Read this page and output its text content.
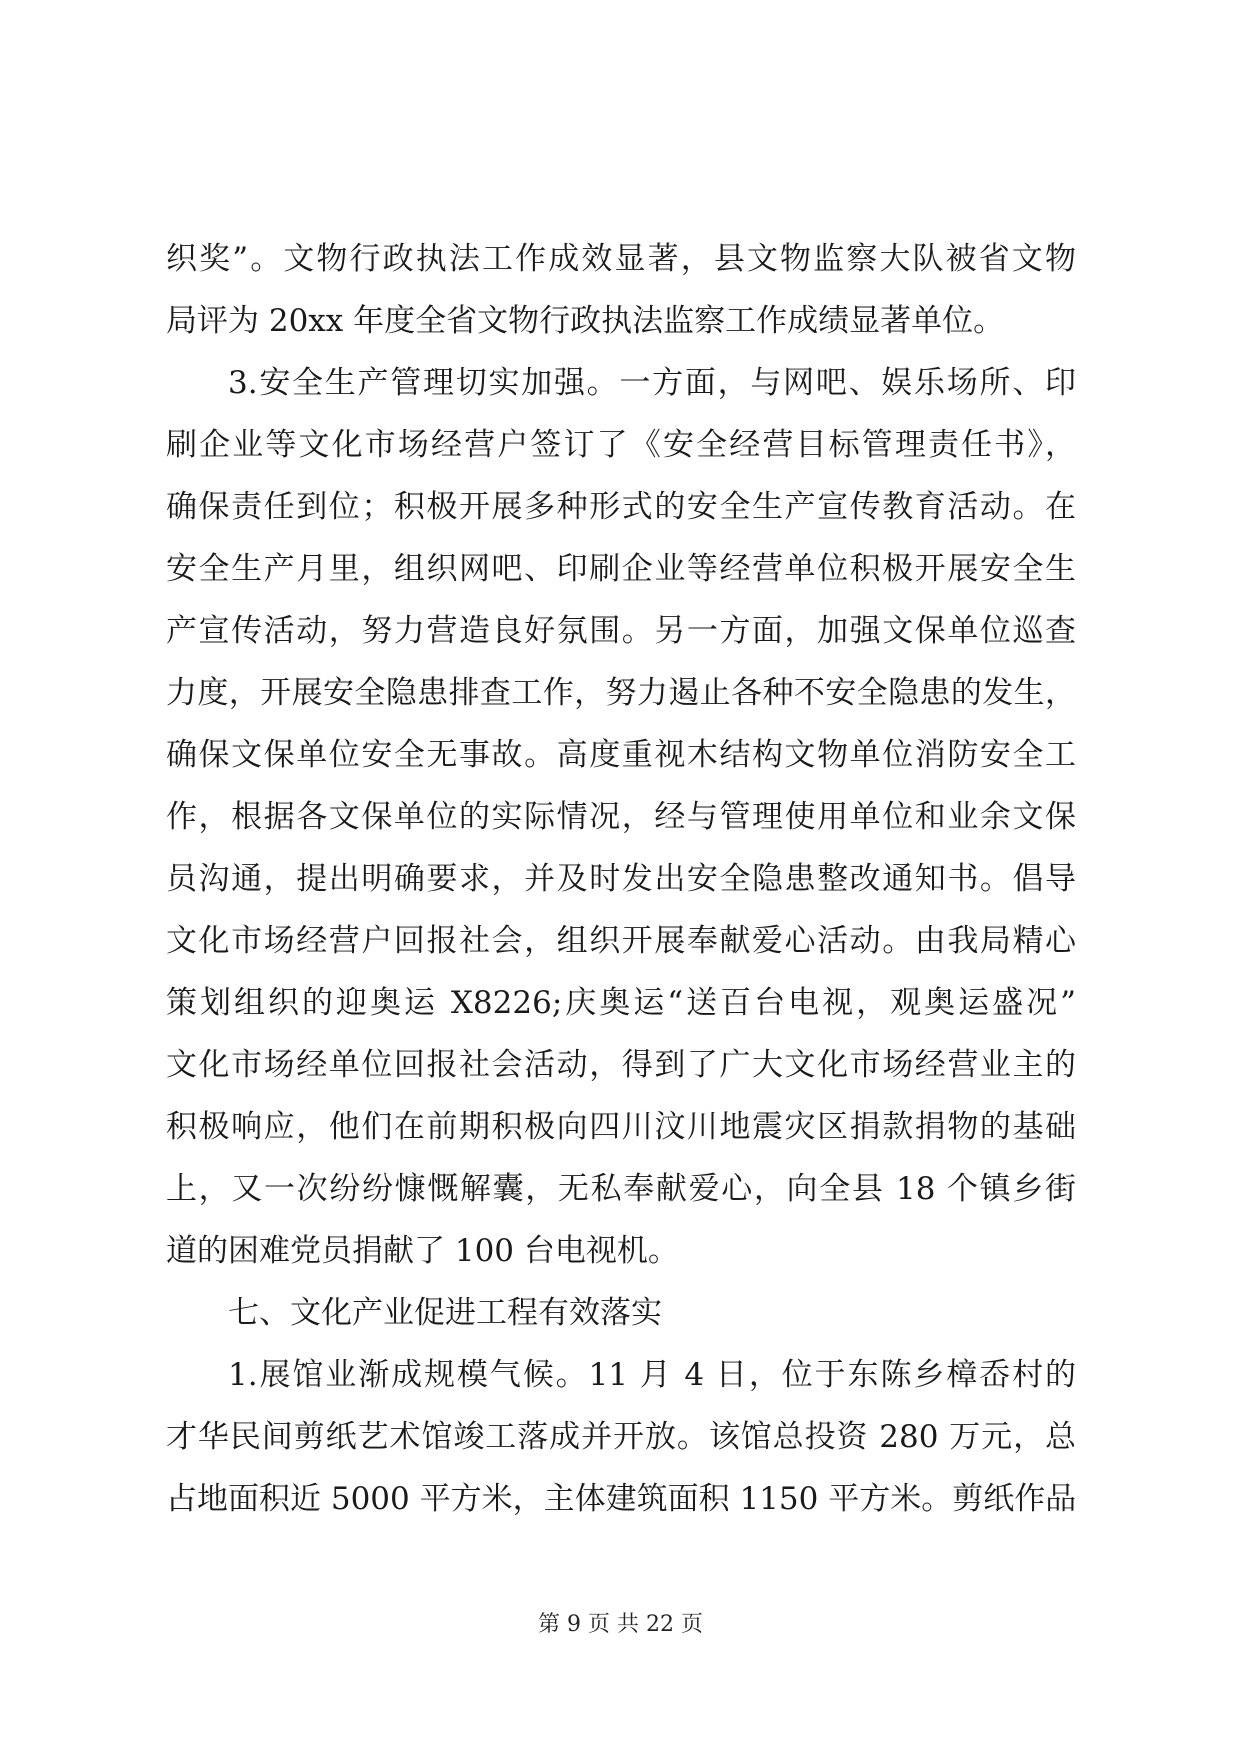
织奖”。文物行政执法工作成效显著，县文物监察大队被省文物
局评为 20xx 年度全省文物行政执法监察工作成绩显著单位。
3.安全生产管理切实加强。一方面，与网吧、娱乐场所、印
刷企业等文化市场经营户签订了《安全经营目标管理责任书》，
确保责任到位；积极开展多种形式的安全生产宣传教育活动。在
安全生产月里，组织网吧、印刷企业等经营单位积极开展安全生
产宣传活动，努力营造良好氛围。另一方面，加强文保单位巡查
力度，开展安全隐患排查工作，努力遏止各种不安全隐患的发生，
确保文保单位安全无事故。高度重视木结构文物单位消防安全工
作，根据各文保单位的实际情况，经与管理使用单位和业余文保
员沟通，提出明确要求，并及时发出安全隐患整改通知书。倡导
文化市场经营户回报社会，组织开展奉献爱心活动。由我局精心
策划组织的迎奥运 X8226;庆奥运“送百台电视，观奥运盛况”
文化市场经单位回报社会活动，得到了广大文化市场经营业主的
积极响应，他们在前期积极向四川汶川地震灾区捐款捐物的基础
上，又一次纷纷慷慨解囊，无私奉献爱心，向全县 18 个镇乡街
道的困难党员捐献了 100 台电视机。
七、文化产业促进工程有效落实
1.展馆业渐成规模气候。11 月 4 日，位于东陈乡樟岙村的
才华民间剪纸艺术馆竣工落成并开放。该馆总投资 280 万元，总
占地面积近 5000 平方米，主体建筑面积 1150 平方米。剪纸作品
第 9 页 共 22 页
